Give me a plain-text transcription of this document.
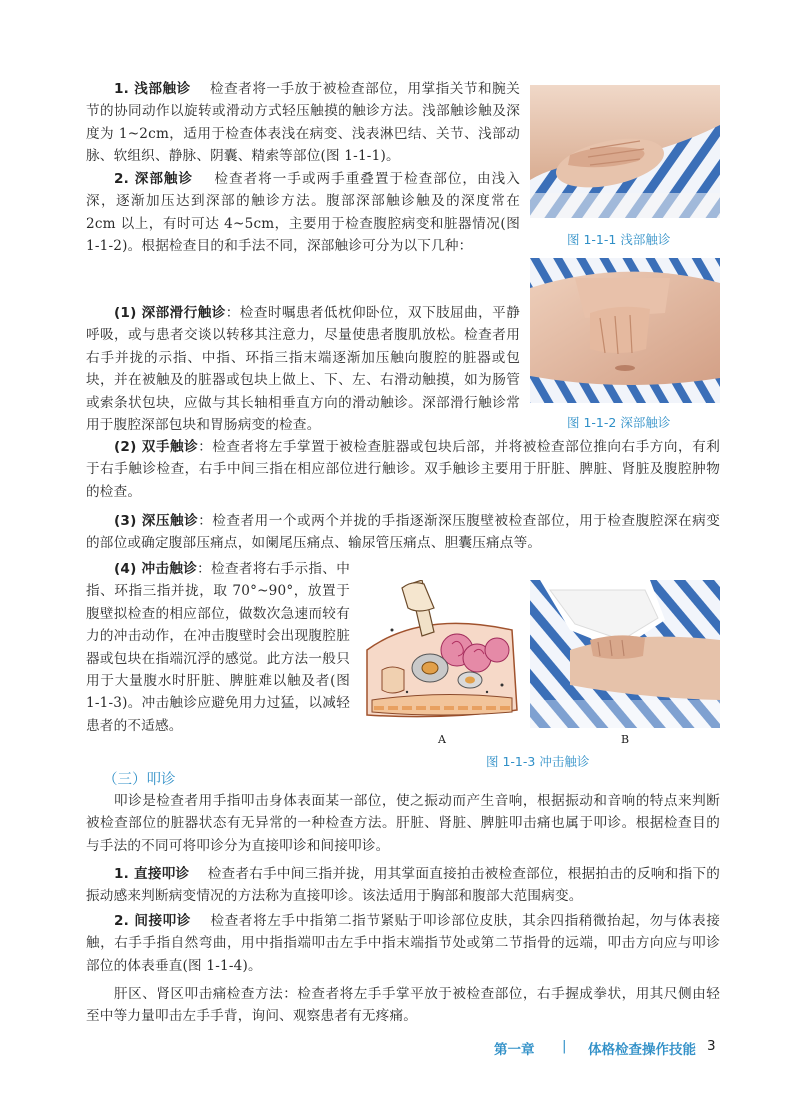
1. 浅部触诊 检查者将一手放于被检查部位，用掌指关节和腕关节的协同动作以旋转或滑动方式轻压触摸的触诊方法。浅部触诊触及深度为 1~2cm，适用于检查体表浅在病变、浅表淋巴结、关节、浅部动脉、软组织、静脉、阴囊、精索等部位(图 1-1-1)。

2. 深部触诊 检查者将一手或两手重叠置于检查部位，由浅入深，逐渐加压达到深部的触诊方法。腹部深部触诊触及的深度常在 2cm 以上，有时可达 4~5cm，主要用于检查腹腔病变和脏器情况(图 1-1-2)。根据检查目的和手法不同，深部触诊可分为以下几种：

(1) 深部滑行触诊：检查时嘱患者低枕仰卧位，双下肢屈曲，平静呼吸，或与患者交谈以转移其注意力，尽量使患者腹肌放松。检查者用右手并拢的示指、中指、环指三指末端逐渐加压触向腹腔的脏器或包块，并在被触及的脏器或包块上做上、下、左、右滑动触摸，如为肠管或索条状包块，应做与其长轴相垂直方向的滑动触诊。深部滑行触诊常用于腹腔深部包块和胃肠病变的检查。

图 1-1-1 浅部触诊
图 1-1-2 深部触诊

(2) 双手触诊：检查者将左手掌置于被检查脏器或包块后部，并将被检查部位推向右手方向，有利于右手触诊检查，右手中间三指在相应部位进行触诊。双手触诊主要用于肝脏、脾脏、肾脏及腹腔肿物的检查。

(3) 深压触诊：检查者用一个或两个并拢的手指逐渐深压腹壁被检查部位，用于检查腹腔深在病变的部位或确定腹部压痛点，如阑尾压痛点、输尿管压痛点、胆囊压痛点等。

(4) 冲击触诊：检查者将右手示指、中指、环指三指并拢，取 70°~90°，放置于腹壁拟检查的相应部位，做数次急速而较有力的冲击动作，在冲击腹壁时会出现腹腔脏器或包块在指端沉浮的感觉。此方法一般只用于大量腹水时肝脏、脾脏难以触及者(图 1-1-3)。冲击触诊应避免用力过猛，以减轻患者的不适感。

A	B
图 1-1-3 冲击触诊
（三）叩诊

叩诊是检查者用手指叩击身体表面某一部位，使之振动而产生音响，根据振动和音响的特点来判断被检查部位的脏器状态有无异常的一种检查方法。肝脏、肾脏、脾脏叩击痛也属于叩诊。根据检查目的与手法的不同可将叩诊分为直接叩诊和间接叩诊。

1. 直接叩诊 检查者右手中间三指并拢，用其掌面直接拍击被检查部位，根据拍击的反响和指下的振动感来判断病变情况的方法称为直接叩诊。该法适用于胸部和腹部大范围病变。

2. 间接叩诊 检查者将左手中指第二指节紧贴于叩诊部位皮肤，其余四指稍微抬起，勿与体表接触，右手手指自然弯曲，用中指指端叩击左手中指末端指节处或第二节指骨的远端，叩击方向应与叩诊部位的体表垂直(图 1-1-4)。

肝区、肾区叩击痛检查方法：检查者将左手手掌平放于被检查部位，右手握成拳状，用其尺侧由轻至中等力量叩击左手手背，询问、观察患者有无疼痛。

第一章 | 体格检查操作技能 3
